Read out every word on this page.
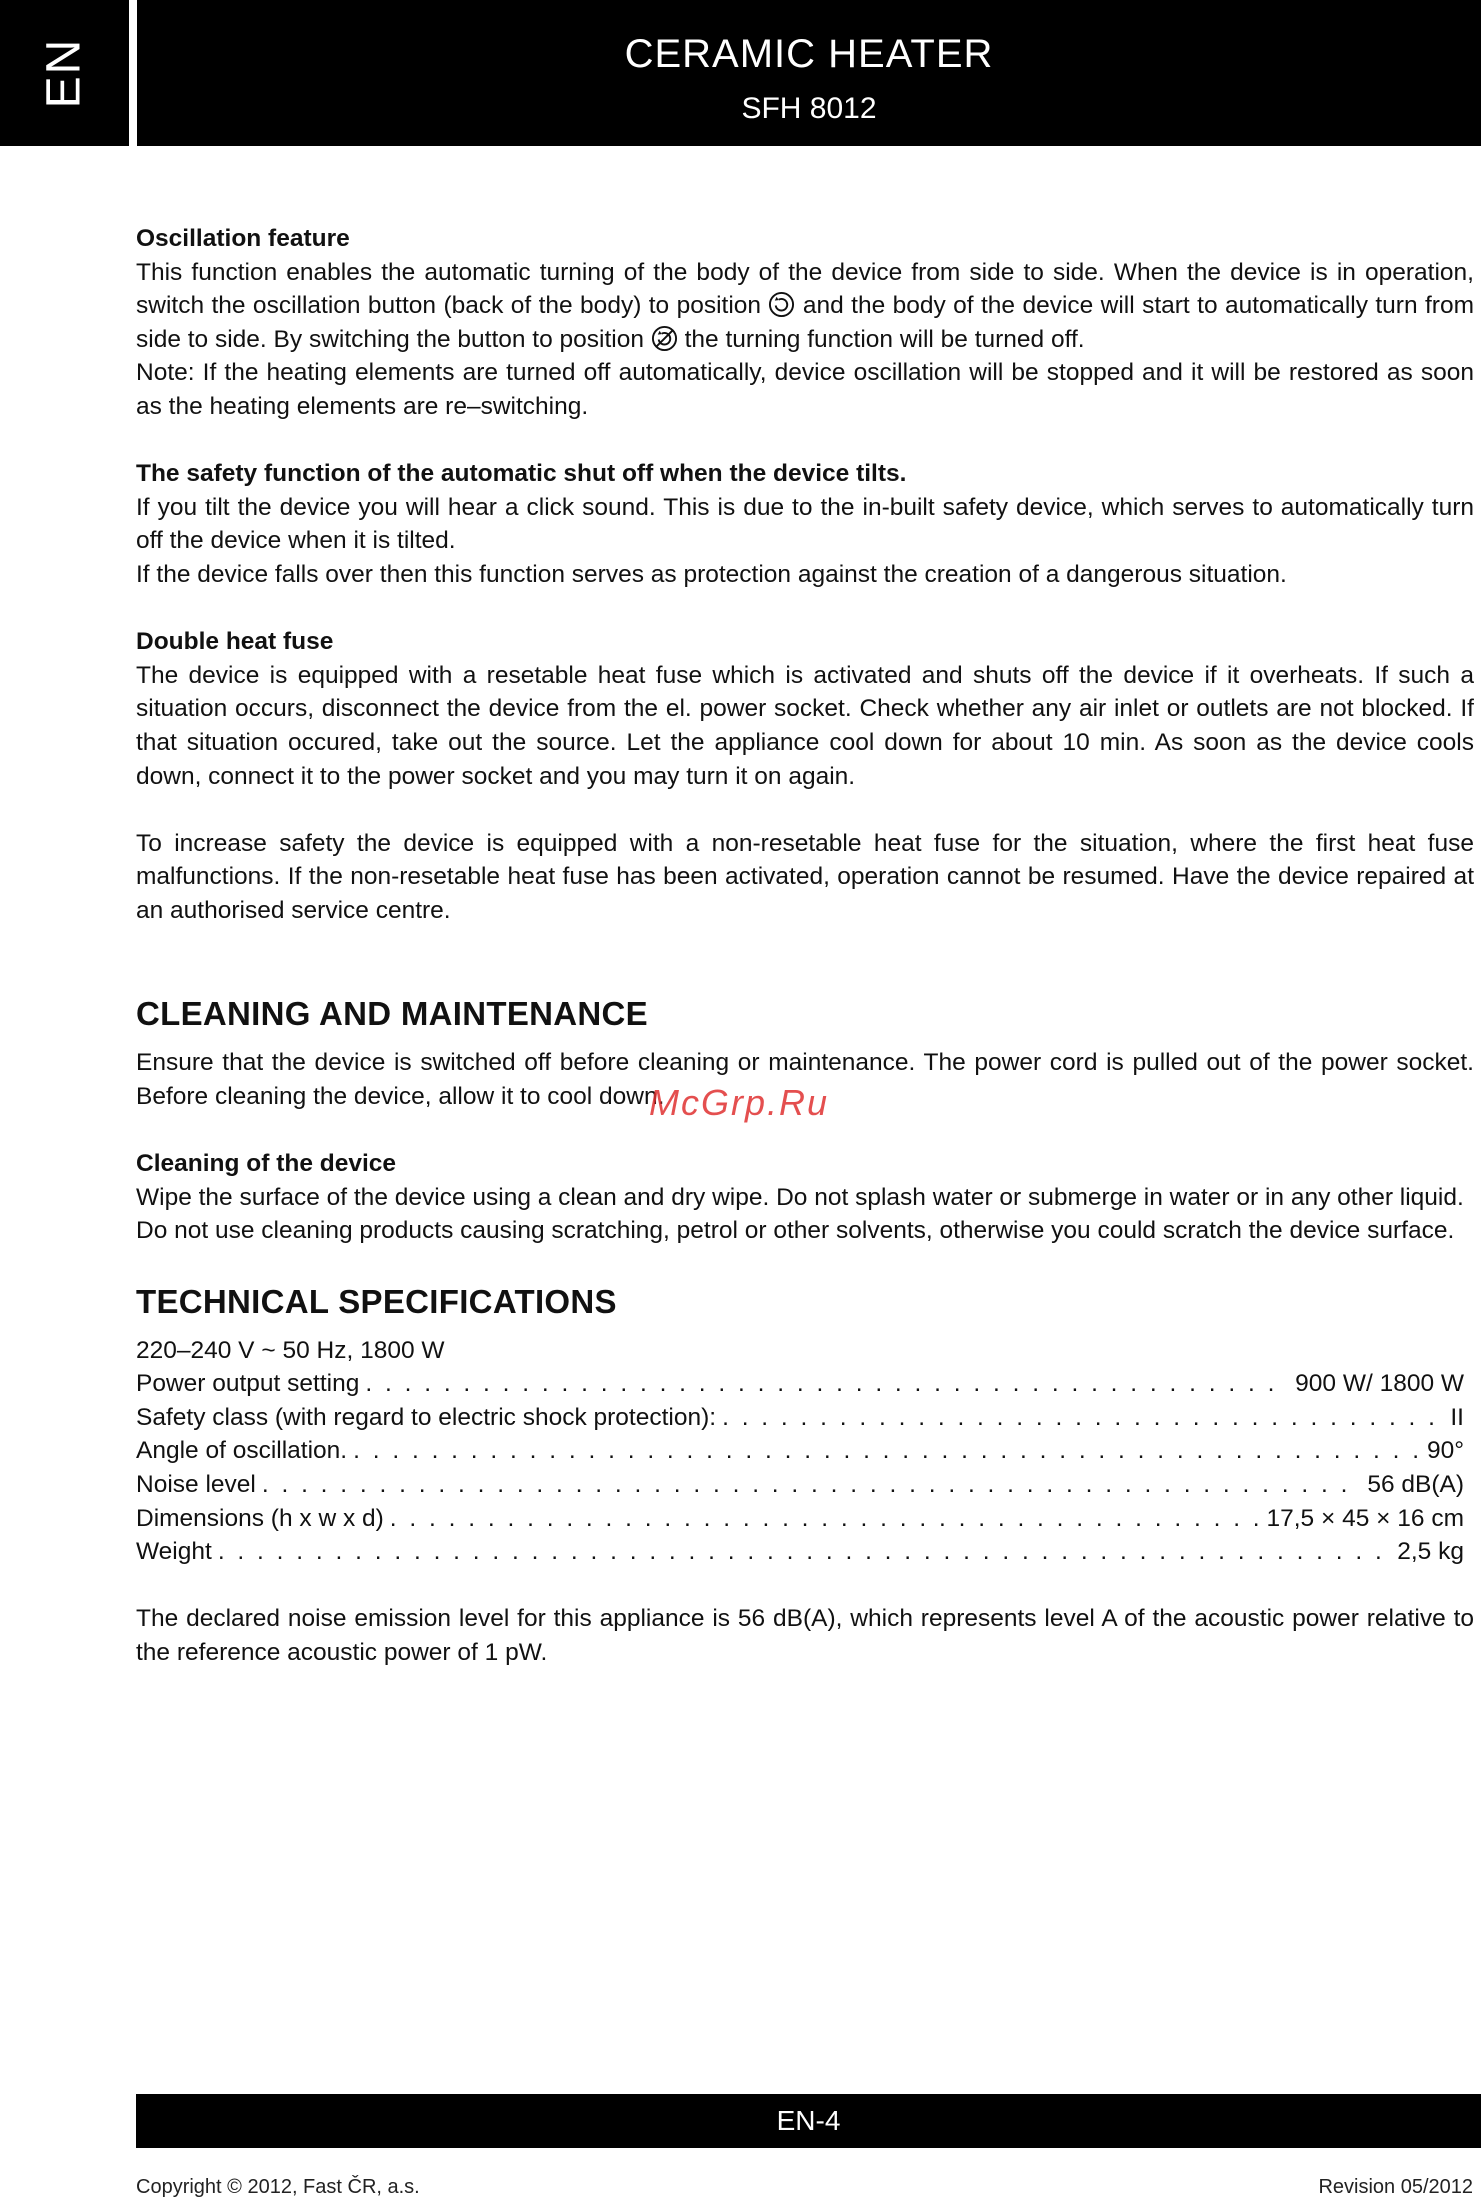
EN	CERAMIC HEATER
SFH 8012
Oscillation feature

This function enables the automatic turning of the body of the device from side to side. When the device is in operation, switch the oscillation button (back of the body) to position and the body of the device will start to automatically turn from side to side. By switching the button to position the turning function will be turned off.

Note: If the heating elements are turned off automatically, device oscillation will be stopped and it will be restored as soon as the heating elements are re–switching.

The safety function of the automatic shut off when the device tilts.

If you tilt the device you will hear a click sound. This is due to the in-built safety device, which serves to automatically turn off the device when it is tilted.

If the device falls over then this function serves as protection against the creation of a dangerous situation.

Double heat fuse

The device is equipped with a resetable heat fuse which is activated and shuts off the device if it overheats. If such a situation occurs, disconnect the device from the el. power socket. Check whether any air inlet or outlets are not blocked. If that situation occured, take out the source. Let the appliance cool down for about 10 min. As soon as the device cools down, connect it to the power socket and you may turn it on again.

To increase safety the device is equipped with a non-resetable heat fuse for the situation, where the first heat fuse malfunctions. If the non-resetable heat fuse has been activated, operation cannot be resumed. Have the device repaired at an authorised service centre.

CLEANING AND MAINTENANCE

Ensure that the device is switched off before cleaning or maintenance. The power cord is pulled out of the power socket. Before cleaning the device, allow it to cool down.

Cleaning of the device

Wipe the surface of the device using a clean and dry wipe. Do not splash water or submerge in water or in any other liquid.

Do not use cleaning products causing scratching, petrol or other solvents, otherwise you could scratch the device surface.

TECHNICAL SPECIFICATIONS
220–240 V ~ 50 Hz, 1800 W
Power output setting . . .	900 W/ 1800 W
Safety class (with regard to electric shock protection): . . .	II
Angle of oscillation. . . .	90°
Noise level . . .	56 dB(A)
Dimensions (h x w x d) . . .	17,5 × 45 × 16 cm
Weight . . .	2,5 kg

The declared noise emission level for this appliance is 56 dB(A), which represents level A of the acoustic power relative to the reference acoustic power of 1 pW.

McGrp.Ru
EN-4
Copyright © 2012, Fast ČR, a.s.	Revision 05/2012
